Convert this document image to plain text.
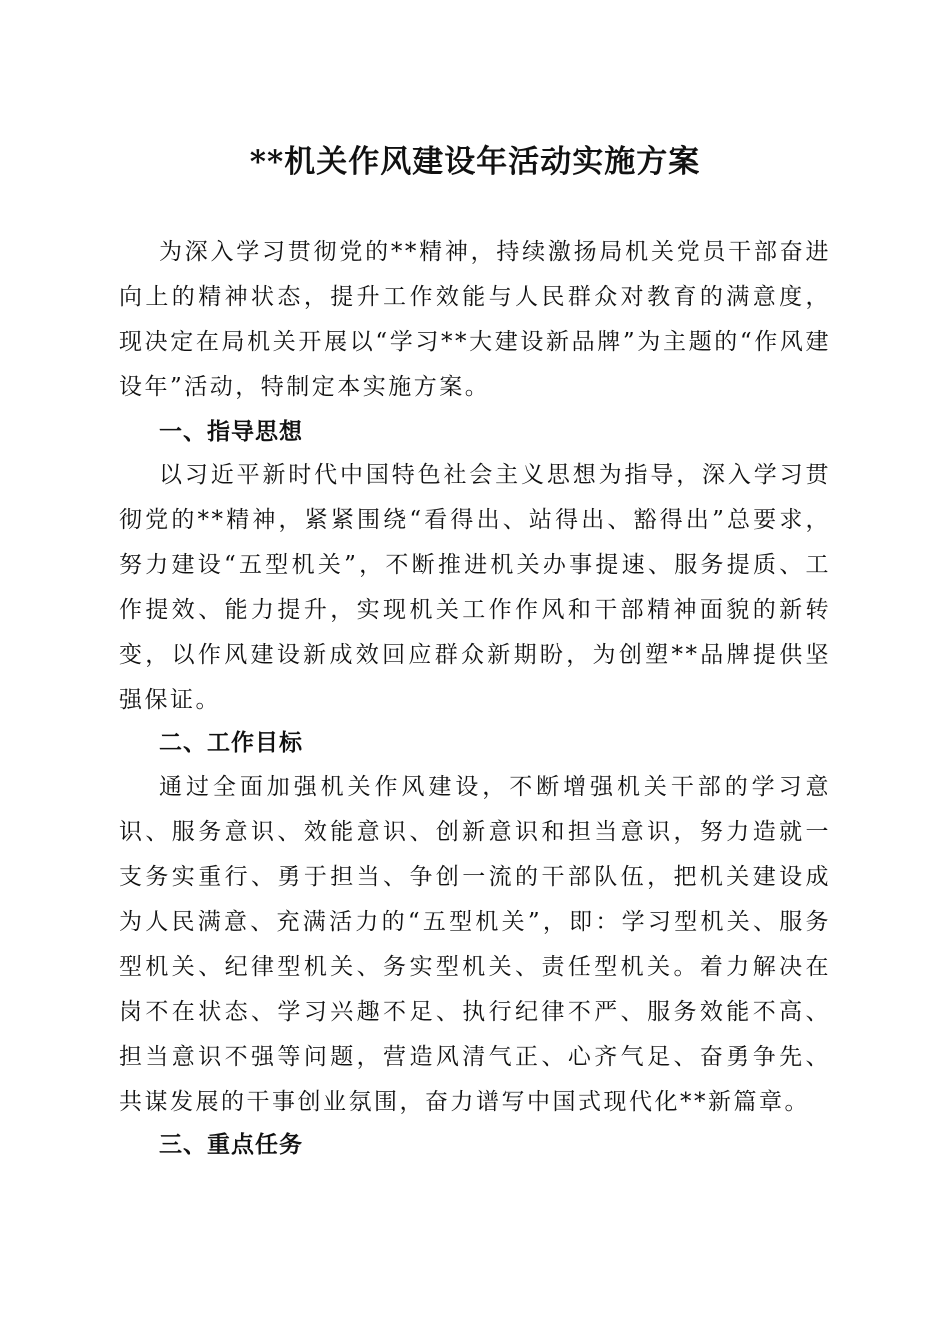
**机关作风建设年活动实施方案

为深入学习贯彻党的**精神，持续激扬局机关党员干部奋进向上的精神状态，提升工作效能与人民群众对教育的满意度，现决定在局机关开展以“学习**大建设新品牌”为主题的“作风建设年”活动，特制定本实施方案。

一、指导思想

以习近平新时代中国特色社会主义思想为指导，深入学习贯彻党的**精神，紧紧围绕“看得出、站得出、豁得出”总要求，努力建设“五型机关”，不断推进机关办事提速、服务提质、工作提效、能力提升，实现机关工作作风和干部精神面貌的新转变，以作风建设新成效回应群众新期盼，为创塑**品牌提供坚强保证。

二、工作目标

通过全面加强机关作风建设，不断增强机关干部的学习意识、服务意识、效能意识、创新意识和担当意识，努力造就一支务实重行、勇于担当、争创一流的干部队伍，把机关建设成为人民满意、充满活力的“五型机关”，即：学习型机关、服务型机关、纪律型机关、务实型机关、责任型机关。着力解决在岗不在状态、学习兴趣不足、执行纪律不严、服务效能不高、担当意识不强等问题，营造风清气正、心齐气足、奋勇争先、共谋发展的干事创业氛围，奋力谱写中国式现代化**新篇章。

三、重点任务
